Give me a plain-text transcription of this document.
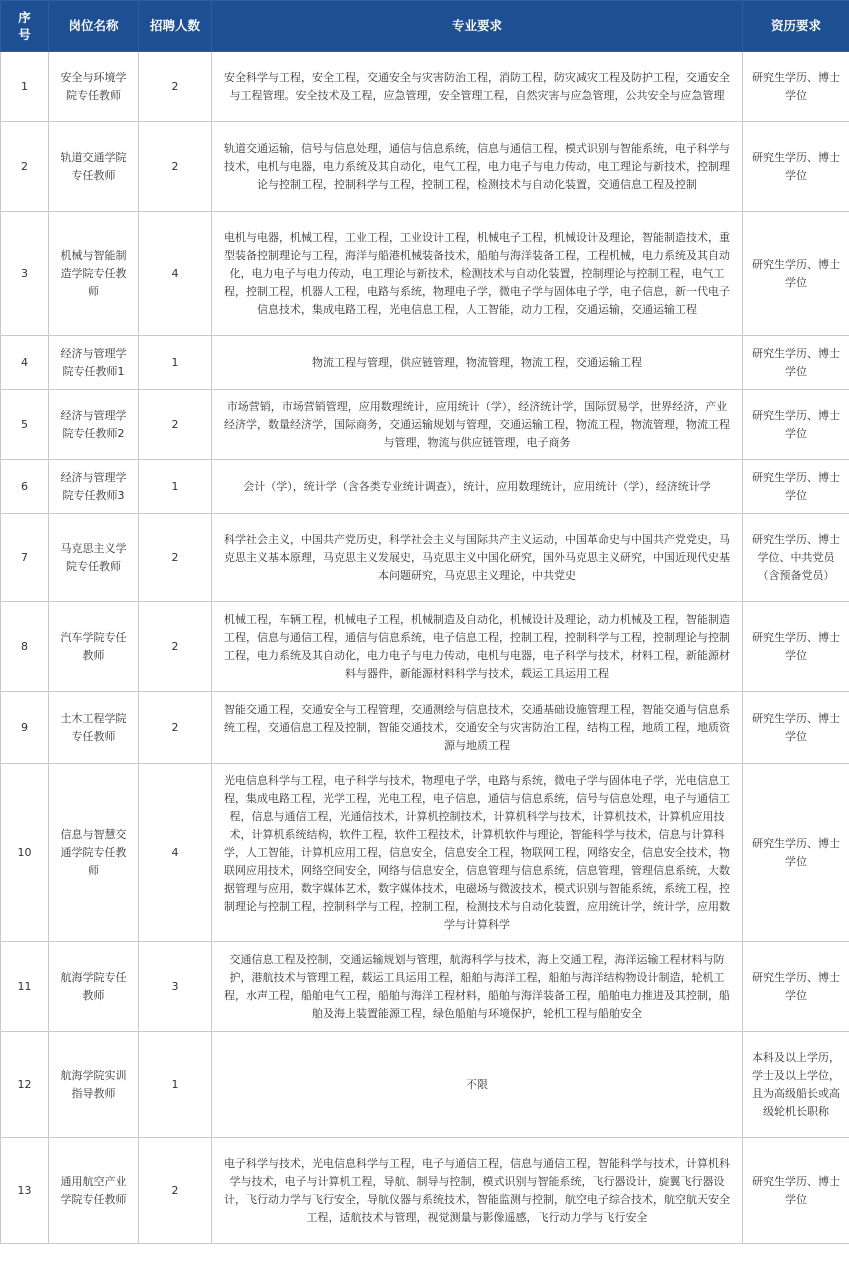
序号	岗位名称	招聘人数	专业要求	资历要求
1	安全与环境学院专任教师	2	安全科学与工程，安全工程，交通安全与灾害防治工程，消防工程，防灾减灾工程及防护工程，交通安全与工程管理。安全技术及工程，应急管理，安全管理工程，自然灾害与应急管理，公共安全与应急管理	研究生学历、博士学位
2	轨道交通学院专任教师	2	轨道交通运输，信号与信息处理，通信与信息系统，信息与通信工程，模式识别与智能系统，电子科学与技术，电机与电器，电力系统及其自动化，电气工程，电力电子与电力传动，电工理论与新技术，控制理论与控制工程，控制科学与工程，控制工程，检测技术与自动化装置，交通信息工程及控制	研究生学历、博士学位
3	机械与智能制造学院专任教师	4	电机与电器，机械工程，工业工程，工业设计工程，机械电子工程，机械设计及理论，智能制造技术，重型装备控制理论与工程，海洋与船港机械装备技术，船舶与海洋装备工程，工程机械，电力系统及其自动化，电力电子与电力传动，电工理论与新技术，检测技术与自动化装置，控制理论与控制工程，电气工程，控制工程，机器人工程，电路与系统，物理电子学，微电子学与固体电子学，电子信息，新一代电子信息技术，集成电路工程，光电信息工程，人工智能，动力工程，交通运输，交通运输工程	研究生学历、博士学位
4	经济与管理学院专任教师1	1	物流工程与管理，供应链管理，物流管理，物流工程，交通运输工程	研究生学历、博士学位
5	经济与管理学院专任教师2	2	市场营销，市场营销管理，应用数理统计，应用统计（学），经济统计学，国际贸易学，世界经济，产业经济学，数量经济学，国际商务，交通运输规划与管理，交通运输工程，物流工程，物流管理，物流工程与管理，物流与供应链管理，电子商务	研究生学历、博士学位
6	经济与管理学院专任教师3	1	会计（学），统计学（含各类专业统计调查），统计，应用数理统计，应用统计（学），经济统计学	研究生学历、博士学位
7	马克思主义学院专任教师	2	科学社会主义，中国共产党历史，科学社会主义与国际共产主义运动，中国革命史与中国共产党党史，马克思主义基本原理，马克思主义发展史，马克思主义中国化研究，国外马克思主义研究，中国近现代史基本问题研究，马克思主义理论，中共党史	研究生学历、博士学位、中共党员（含预备党员）
8	汽车学院专任教师	2	机械工程，车辆工程，机械电子工程，机械制造及自动化，机械设计及理论，动力机械及工程，智能制造工程，信息与通信工程，通信与信息系统，电子信息工程，控制工程，控制科学与工程，控制理论与控制工程，电力系统及其自动化，电力电子与电力传动，电机与电器，电子科学与技术，材料工程，新能源材料与器件，新能源材料科学与技术，载运工具运用工程	研究生学历、博士学位
9	土木工程学院专任教师	2	智能交通工程，交通安全与工程管理，交通测绘与信息技术，交通基础设施管理工程，智能交通与信息系统工程，交通信息工程及控制，智能交通技术，交通安全与灾害防治工程，结构工程，地质工程，地质资源与地质工程	研究生学历、博士学位
10	信息与智慧交通学院专任教师	4	光电信息科学与工程，电子科学与技术，物理电子学，电路与系统，微电子学与固体电子学，光电信息工程，集成电路工程，光学工程，光电工程，电子信息，通信与信息系统，信号与信息处理，电子与通信工程，信息与通信工程，光通信技术，计算机控制技术，计算机科学与技术，计算机技术，计算机应用技术，计算机系统结构，软件工程，软件工程技术，计算机软件与理论，智能科学与技术，信息与计算科学，人工智能，计算机应用工程，信息安全，信息安全工程，物联网工程，网络安全，信息安全技术，物联网应用技术，网络空间安全，网络与信息安全，信息管理与信息系统，信息管理，管理信息系统，大数据管理与应用，数字媒体艺术，数字媒体技术，电磁场与微波技术，模式识别与智能系统，系统工程，控制理论与控制工程，控制科学与工程，控制工程，检测技术与自动化装置，应用统计学，统计学，应用数学与计算科学	研究生学历、博士学位
11	航海学院专任教师	3	交通信息工程及控制，交通运输规划与管理，航海科学与技术，海上交通工程，海洋运输工程材料与防护，港航技术与管理工程，载运工具运用工程，船舶与海洋工程，船舶与海洋结构物设计制造，轮机工程，水声工程，船舶电气工程，船舶与海洋工程材料，船舶与海洋装备工程，船舶电力推进及其控制，船舶及海上装置能源工程，绿色船舶与环境保护，轮机工程与船舶安全	研究生学历、博士学位
12	航海学院实训指导教师	1	不限	本科及以上学历，学士及以上学位，且为高级船长或高级轮机长职称
13	通用航空产业学院专任教师	2	电子科学与技术，光电信息科学与工程，电子与通信工程，信息与通信工程，智能科学与技术，计算机科学与技术，电子与计算机工程，导航、制导与控制，模式识别与智能系统，飞行器设计，旋翼飞行器设计，飞行动力学与飞行安全，导航仪器与系统技术，智能监测与控制，航空电子综合技术，航空航天安全工程，适航技术与管理，视觉测量与影像遥感，飞行动力学与飞行安全	研究生学历、博士学位
